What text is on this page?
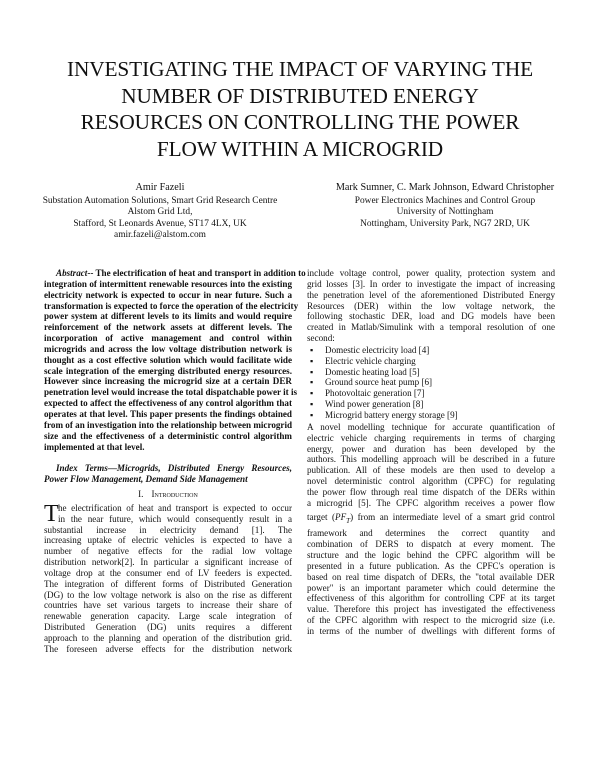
INVESTIGATING THE IMPACT OF VARYING THE
NUMBER OF DISTRIBUTED ENERGY
RESOURCES ON CONTROLLING THE POWER
FLOW WITHIN A MICROGRID
Amir Fazeli
Substation Automation Solutions, Smart Grid Research Centre
Alstom Grid Ltd,
Stafford, St Leonards Avenue, ST17 4LX, UK
amir.fazeli@alstom.com
Mark Sumner, C. Mark Johnson, Edward Christopher
Power Electronics Machines and Control Group
University of Nottingham
Nottingham, University Park, NG7 2RD, UK
Abstract-- The electrification of heat and transport in addition to
integration of intermittent renewable resources into the existing
electricity network is expected to occur in near future. Such a
transformation is expected to force the operation of the electricity
power system at different levels to its limits and would require
reinforcement of the network assets at different levels. The
incorporation of active management and control within
microgrids and across the low voltage distribution network is
thought as a cost effective solution which would facilitate wide
scale integration of the emerging distributed energy resources.
However since increasing the microgrid size at a certain DER
penetration level would increase the total dispatchable power it is
expected to affect the effectiveness of any control algorithm that
operates at that level. This paper presents the findings obtained
from of an investigation into the relationship between microgrid
size and the effectiveness of a deterministic control algorithm
implemented at that level.
Index Terms—Microgrids, Distributed Energy Resources,
Power Flow Management, Demand Side Management
I. Introduction
T he electrification of heat and transport is expected to occur
in the near future, which would consequently result in a
substantial increase in electricity demand [1]. The
increasing uptake of electric vehicles is expected to have a
number of negative effects for the radial low voltage
distribution network[2]. In particular a significant increase of
voltage drop at the consumer end of LV feeders is expected.
The integration of different forms of Distributed Generation
(DG) to the low voltage network is also on the rise as different
countries have set various targets to increase their share of
renewable generation capacity. Large scale integration of
Distributed Generation (DG) units requires a different
approach to the planning and operation of the distribution grid.
The foreseen adverse effects for the distribution network
include voltage control, power quality, protection system and
grid losses [3]. In order to investigate the impact of increasing
the penetration level of the aforementioned Distributed Energy
Resources (DER) within the low voltage network, the
following stochastic DER, load and DG models have been
created in Matlab/Simulink with a temporal resolution of one
second:
▪ Domestic electricity load [4]
▪ Electric vehicle charging
▪ Domestic heating load [5]
▪ Ground source heat pump [6]
▪ Photovoltaic generation [7]
▪ Wind power generation [8]
▪ Microgrid battery energy storage [9]
A novel modelling technique for accurate quantification of
electric vehicle charging requirements in terms of charging
energy, power and duration has been developed by the
authors. This modelling approach will be described in a future
publication. All of these models are then used to develop a
novel deterministic control algorithm (CPFC) for regulating
the power flow through real time dispatch of the DERs within
a microgrid [5]. The CPFC algorithm receives a power flow
target $(PF_T)$ from an intermediate level of a smart grid control
framework and determines the correct quantity and
combination of DERS to dispatch at every moment. The
structure and the logic behind the CPFC algorithm will be
presented in a future publication. As the CPFC's operation is
based on real time dispatch of DERs, the "total available DER
power" is an important parameter which could determine the
effectiveness of this algorithm for controlling CPF at its target
value. Therefore this project has investigated the effectiveness
of the CPFC algorithm with respect to the microgrid size (i.e.
in terms of the number of dwellings with different forms of
